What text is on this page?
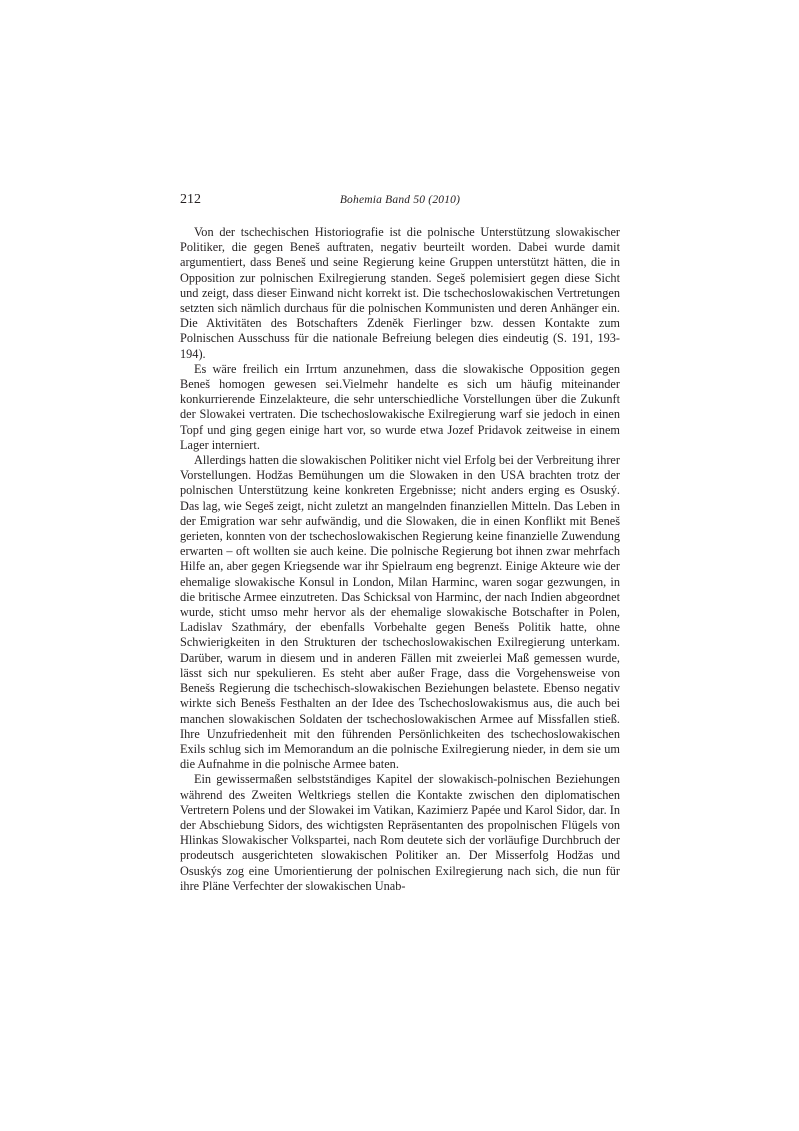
212	Bohemia Band 50 (2010)

Von der tschechischen Historiografie ist die polnische Unterstützung slowakischer Politiker, die gegen Beneš auftraten, negativ beurteilt worden. Dabei wurde damit argumentiert, dass Beneš und seine Regierung keine Gruppen unterstützt hätten, die in Opposition zur polnischen Exilregierung standen. Segeš polemisiert gegen diese Sicht und zeigt, dass dieser Einwand nicht korrekt ist. Die tschechoslowakischen Vertretungen setzten sich nämlich durchaus für die polnischen Kommunisten und deren Anhänger ein. Die Aktivitäten des Botschafters Zdeněk Fierlinger bzw. dessen Kontakte zum Polnischen Ausschuss für die nationale Befreiung belegen dies eindeutig (S. 191, 193-194).

Es wäre freilich ein Irrtum anzunehmen, dass die slowakische Opposition gegen Beneš homogen gewesen sei.Vielmehr handelte es sich um häufig miteinander konkurrierende Einzelakteure, die sehr unterschiedliche Vorstellungen über die Zukunft der Slowakei vertraten. Die tschechoslowakische Exilregierung warf sie jedoch in einen Topf und ging gegen einige hart vor, so wurde etwa Jozef Pridavok zeitweise in einem Lager interniert.

Allerdings hatten die slowakischen Politiker nicht viel Erfolg bei der Verbreitung ihrer Vorstellungen. Hodžas Bemühungen um die Slowaken in den USA brachten trotz der polnischen Unterstützung keine konkreten Ergebnisse; nicht anders erging es Osuský. Das lag, wie Segeš zeigt, nicht zuletzt an mangelnden finanziellen Mitteln. Das Leben in der Emigration war sehr aufwändig, und die Slowaken, die in einen Konflikt mit Beneš gerieten, konnten von der tschechoslowakischen Regierung keine finanzielle Zuwendung erwarten – oft wollten sie auch keine. Die polnische Regierung bot ihnen zwar mehrfach Hilfe an, aber gegen Kriegsende war ihr Spielraum eng begrenzt. Einige Akteure wie der ehemalige slowakische Konsul in London, Milan Harminc, waren sogar gezwungen, in die britische Armee einzutreten. Das Schicksal von Harminc, der nach Indien abgeordnet wurde, sticht umso mehr hervor als der ehemalige slowakische Botschafter in Polen, Ladislav Szathmáry, der ebenfalls Vorbehalte gegen Benešs Politik hatte, ohne Schwierigkeiten in den Strukturen der tschechoslowakischen Exilregierung unterkam. Darüber, warum in diesem und in anderen Fällen mit zweierlei Maß gemessen wurde, lässt sich nur spekulieren. Es steht aber außer Frage, dass die Vorgehensweise von Benešs Regierung die tschechisch-slowakischen Beziehungen belastete. Ebenso negativ wirkte sich Benešs Festhalten an der Idee des Tschechoslowakismus aus, die auch bei manchen slowakischen Soldaten der tschechoslowakischen Armee auf Missfallen stieß. Ihre Unzufriedenheit mit den führenden Persönlichkeiten des tschechoslowakischen Exils schlug sich im Memorandum an die polnische Exilregierung nieder, in dem sie um die Aufnahme in die polnische Armee baten.

Ein gewissermaßen selbstständiges Kapitel der slowakisch-polnischen Beziehungen während des Zweiten Weltkriegs stellen die Kontakte zwischen den diplomatischen Vertretern Polens und der Slowakei im Vatikan, Kazimierz Papée und Karol Sidor, dar. In der Abschiebung Sidors, des wichtigsten Repräsentanten des propolnischen Flügels von Hlinkas Slowakischer Volkspartei, nach Rom deutete sich der vorläufige Durchbruch der prodeutsch ausgerichteten slowakischen Politiker an. Der Misserfolg Hodžas und Osuskýs zog eine Umorientierung der polnischen Exilregierung nach sich, die nun für ihre Pläne Verfechter der slowakischen Unab-
